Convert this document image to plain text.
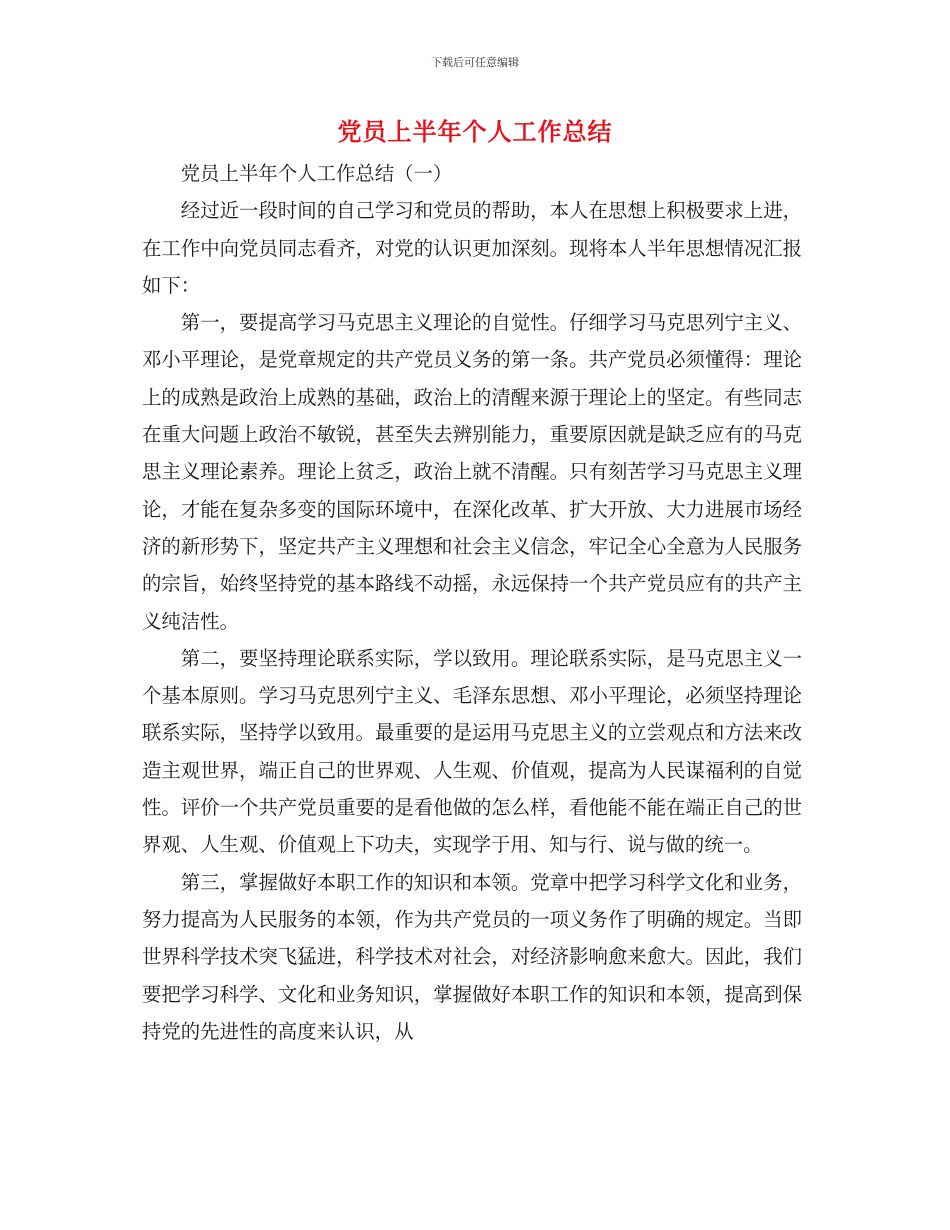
下载后可任意编辑
党员上半年个人工作总结

党员上半年个人工作总结（一）

经过近一段时间的自己学习和党员的帮助，本人在思想上积极要求上进，在工作中向党员同志看齐，对党的认识更加深刻。现将本人半年思想情况汇报如下：

第一，要提高学习马克思主义理论的自觉性。仔细学习马克思列宁主义、邓小平理论，是党章规定的共产党员义务的第一条。共产党员必须懂得：理论上的成熟是政治上成熟的基础，政治上的清醒来源于理论上的坚定。有些同志在重大问题上政治不敏锐，甚至失去辨别能力，重要原因就是缺乏应有的马克思主义理论素养。理论上贫乏，政治上就不清醒。只有刻苦学习马克思主义理论，才能在复杂多变的国际环境中，在深化改革、扩大开放、大力进展市场经济的新形势下，坚定共产主义理想和社会主义信念，牢记全心全意为人民服务的宗旨，始终坚持党的基本路线不动摇，永远保持一个共产党员应有的共产主义纯洁性。

第二，要坚持理论联系实际，学以致用。理论联系实际，是马克思主义一个基本原则。学习马克思列宁主义、毛泽东思想、邓小平理论，必须坚持理论联系实际，坚持学以致用。最重要的是运用马克思主义的立尝观点和方法来改造主观世界，端正自己的世界观、人生观、价值观，提高为人民谋福利的自觉性。评价一个共产党员重要的是看他做的怎么样，看他能不能在端正自己的世界观、人生观、价值观上下功夫，实现学于用、知与行、说与做的统一。

第三，掌握做好本职工作的知识和本领。党章中把学习科学文化和业务，努力提高为人民服务的本领，作为共产党员的一项义务作了明确的规定。当即世界科学技术突飞猛进，科学技术对社会，对经济影响愈来愈大。因此，我们要把学习科学、文化和业务知识，掌握做好本职工作的知识和本领，提高到保持党的先进性的高度来认识，从
